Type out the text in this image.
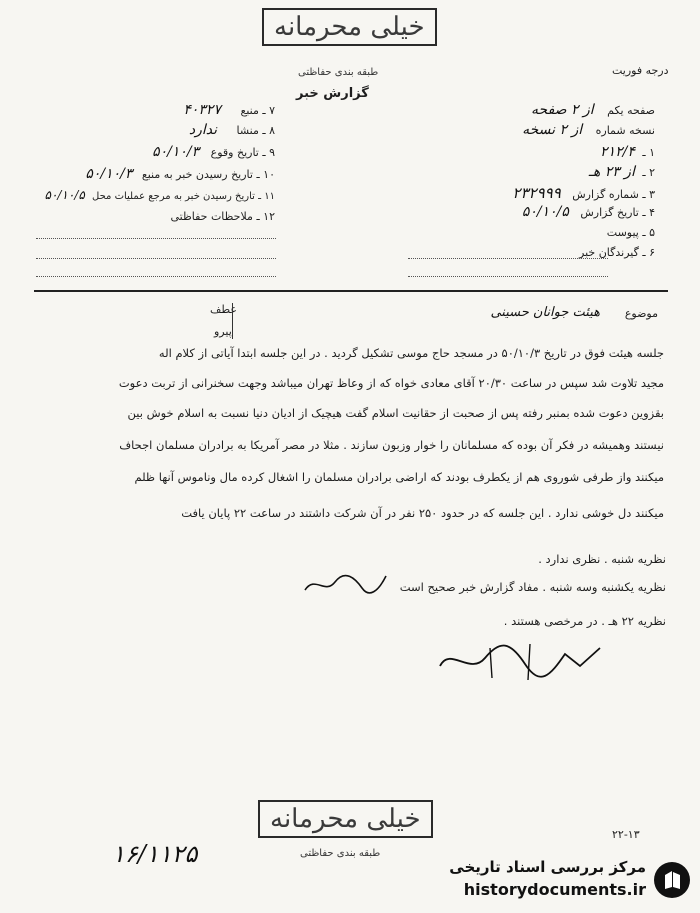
خیلی محرمانه
طبقه بندی حفاظتی	درجه فوریت
گزارش خبر
۷ ـ منبع ۴۰۳۲۷
۸ ـ منشا ندارد
۹ ـ تاریخ وقوع ۵۰/۱۰/۳
۱۰ ـ تاریخ رسیدن خبر به منبع ۵۰/۱۰/۳
۱۱ ـ تاریخ رسیدن خبر به مرجع عملیات محل ۵۰/۱۰/۵
۱۲ ـ ملاحظات حفاظتی
صفحه یکم از ۲ صفحه
نسخه شماره از ۲ نسخه
۱ ـ ۲۱۲/۴
۲ ـ از ۲۳ هـ
۳ ـ شماره گزارش ۲۳۲۹۹۹
۴ ـ تاریخ گزارش ۵۰/۱۰/۵
۵ ـ پیوست
۶ ـ گیرندگان خبر
موضوع
هیئت جوانان حسینی
عطف
پیرو
جلسه هیئت فوق در تاریخ ۵۰/۱۰/۳ در مسجد حاج موسی تشکیل گردید . در این جلسه ابتدا آیاتی از کلام اله
مجید تلاوت شد سپس در ساعت ۲۰/۳۰ آقای معادی خواه که از وعاظ تهران میباشد وجهت سخنرانی از تربت دعوت
بقزوین دعوت شده بمنبر رفته پس از صحبت از حقانیت اسلام گفت هیچیک از ادیان دنیا نسبت به اسلام خوش بین
نیستند وهمیشه در فکر آن بوده که مسلمانان را خوار وزبون سازند . مثلا در مصر آمریکا به برادران مسلمان اجحاف
میکنند واز طرفی شوروی هم از یکطرف بودند که اراضی برادران مسلمان را اشغال کرده مال وناموس آنها ظلم
میکنند دل خوشی ندارد . این جلسه که در حدود ۲۵۰ نفر در آن شرکت داشتند در ساعت ۲۲ پایان یافت
نظریه شنبه . نظری ندارد .
نظریه یکشنبه وسه شنبه . مفاد گزارش خبر صحیح است
نظریه ۲۲ هـ . در مرخصی هستند .
خیلی محرمانه
طبقه بندی حفاظتی
۱۶/۱۱۲۵
۲۲-۱۳
مرکز بررسی اسناد تاریخی
historydocuments.ir
